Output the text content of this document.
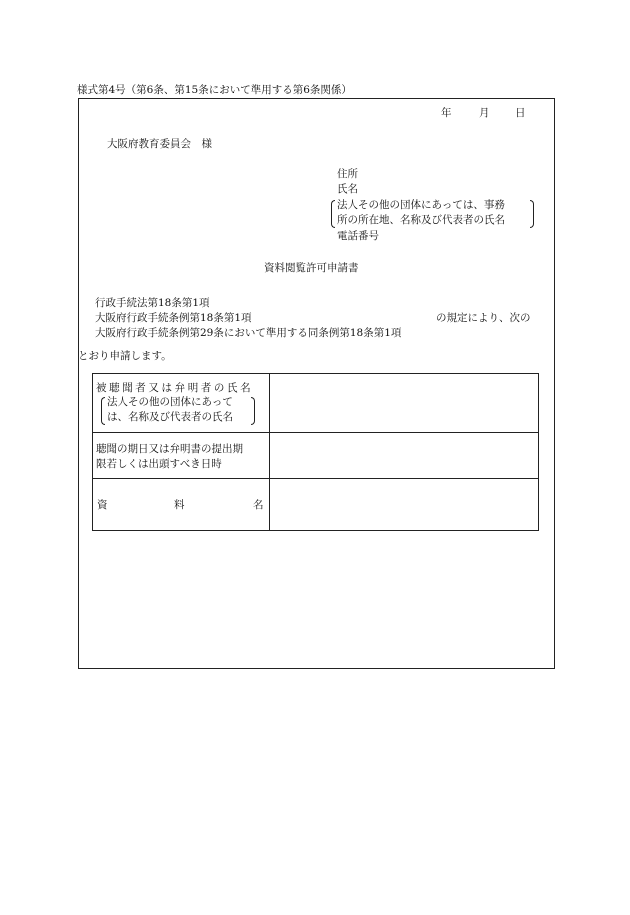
様式第4号（第6条、第15条において準用する第6条関係）
年	月 日
大阪府教育委員会　様
住所
氏名
法人その他の団体にあっては、事務
所の所在地、名称及び代表者の氏名
電話番号
資料閲覧許可申請書
行政手続法第18条第1項
大阪府行政手続条例第18条第1項	の規定により、次の
大阪府行政手続条例第29条において準用する同条例第18条第1項
とおり申請します。
被聴聞者又は弁明者の氏名
法人その他の団体にあって
は、名称及び代表者の氏名
聴聞の期日又は弁明書の提出期
限若しくは出頭すべき日時
資	料	名
